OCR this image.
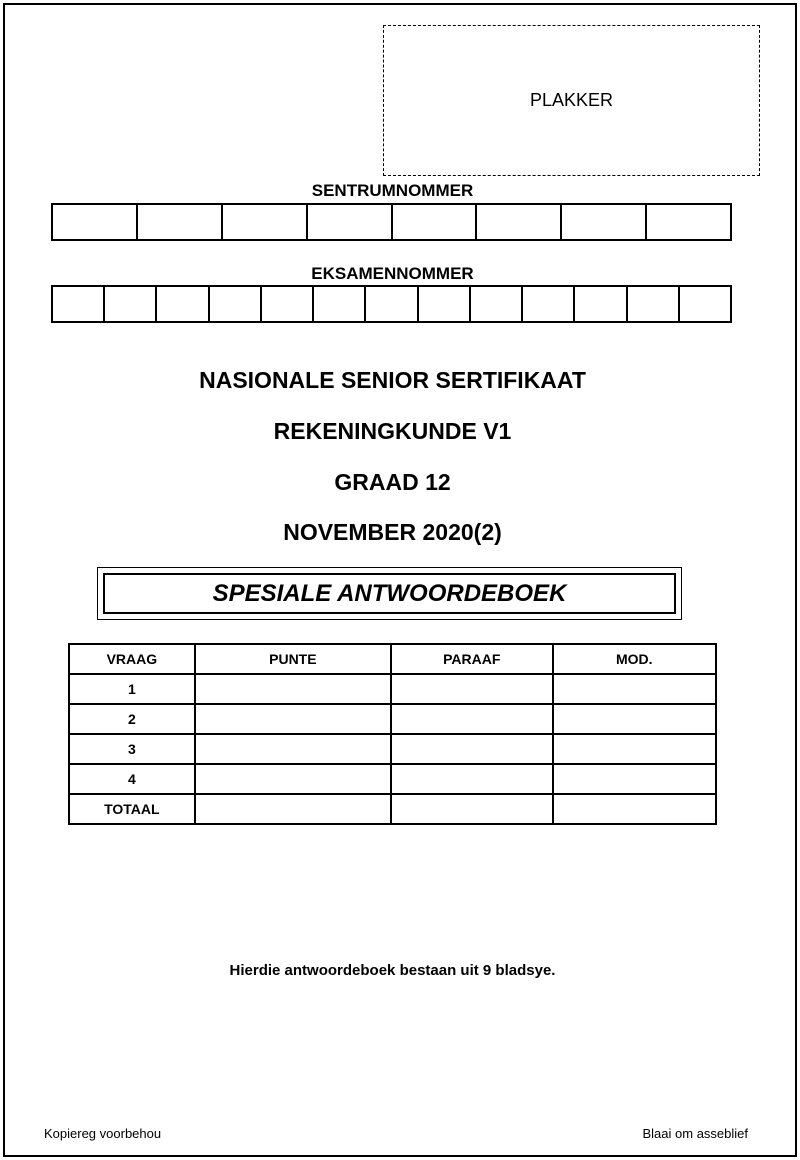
PLAKKER
SENTRUMNOMMER
EKSAMENNOMMER
NASIONALE SENIOR SERTIFIKAAT
REKENINGKUNDE V1
GRAAD 12
NOVEMBER 2020(2)
SPESIALE ANTWOORDEBOEK
VRAAG	PUNTE	PARAAF	MOD.
1			
2			
3			
4			
TOTAAL			
Hierdie antwoordeboek bestaan uit 9 bladsye.
Kopiereg voorbehou	Blaai om asseblief
